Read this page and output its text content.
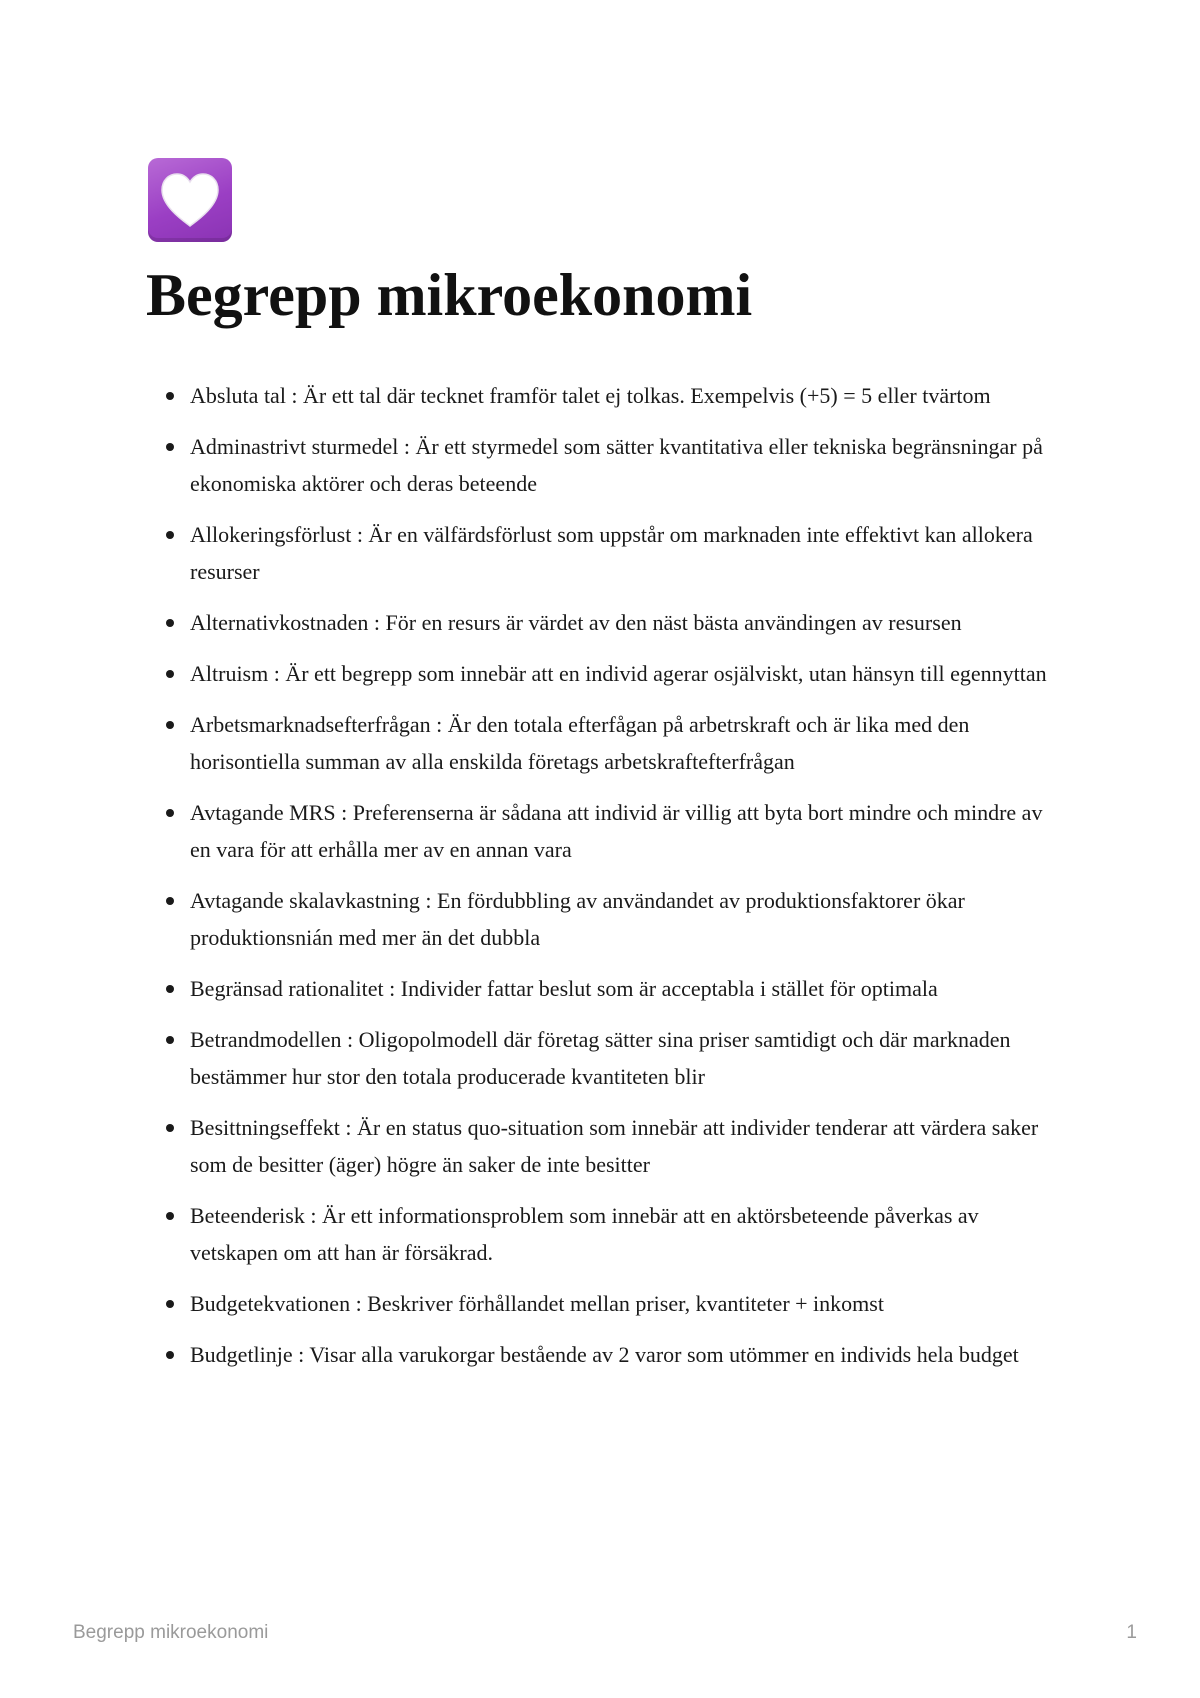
Begrepp mikroekonomi
Absluta tal : Är ett tal där tecknet framför talet ej tolkas. Exempelvis (+5) = 5 eller tvärtom
Adminastrivt sturmedel : Är ett styrmedel som sätter kvantitativa eller tekniska begränsningar på ekonomiska aktörer och deras beteende
Allokeringsförlust : Är en välfärdsförlust som uppstår om marknaden inte effektivt kan allokera resurser
Alternativkostnaden : För en resurs är värdet av den näst bästa användingen av resursen
Altruism : Är ett begrepp som innebär att en individ agerar osjälviskt, utan hänsyn till egennyttan
Arbetsmarknadsefterfrågan : Är den totala efterfågan på arbetrskraft och är lika med den horisontiella summan av alla enskilda företags arbetskraftefterfrågan
Avtagande MRS : Preferenserna är sådana att individ är villig att byta bort mindre och mindre av en vara för att erhålla mer av en annan vara
Avtagande skalavkastning : En fördubbling av användandet av produktionsfaktorer ökar produktionsnián med mer än det dubbla
Begränsad rationalitet : Individer fattar beslut som är acceptabla i stället för optimala
Betrandmodellen : Oligopolmodell där företag sätter sina priser samtidigt och där marknaden bestämmer hur stor den totala producerade kvantiteten blir
Besittningseffekt : Är en status quo-situation som innebär att individer tenderar att värdera saker som de besitter (äger) högre än saker de inte besitter
Beteenderisk : Är ett informationsproblem som innebär att en aktörsbeteende påverkas av vetskapen om att han är försäkrad.
Budgetekvationen : Beskriver förhållandet mellan priser, kvantiteter + inkomst
Budgetlinje : Visar alla varukorgar bestående av 2 varor som utömmer en individs hela budget
Begrepp mikroekonomi	1
